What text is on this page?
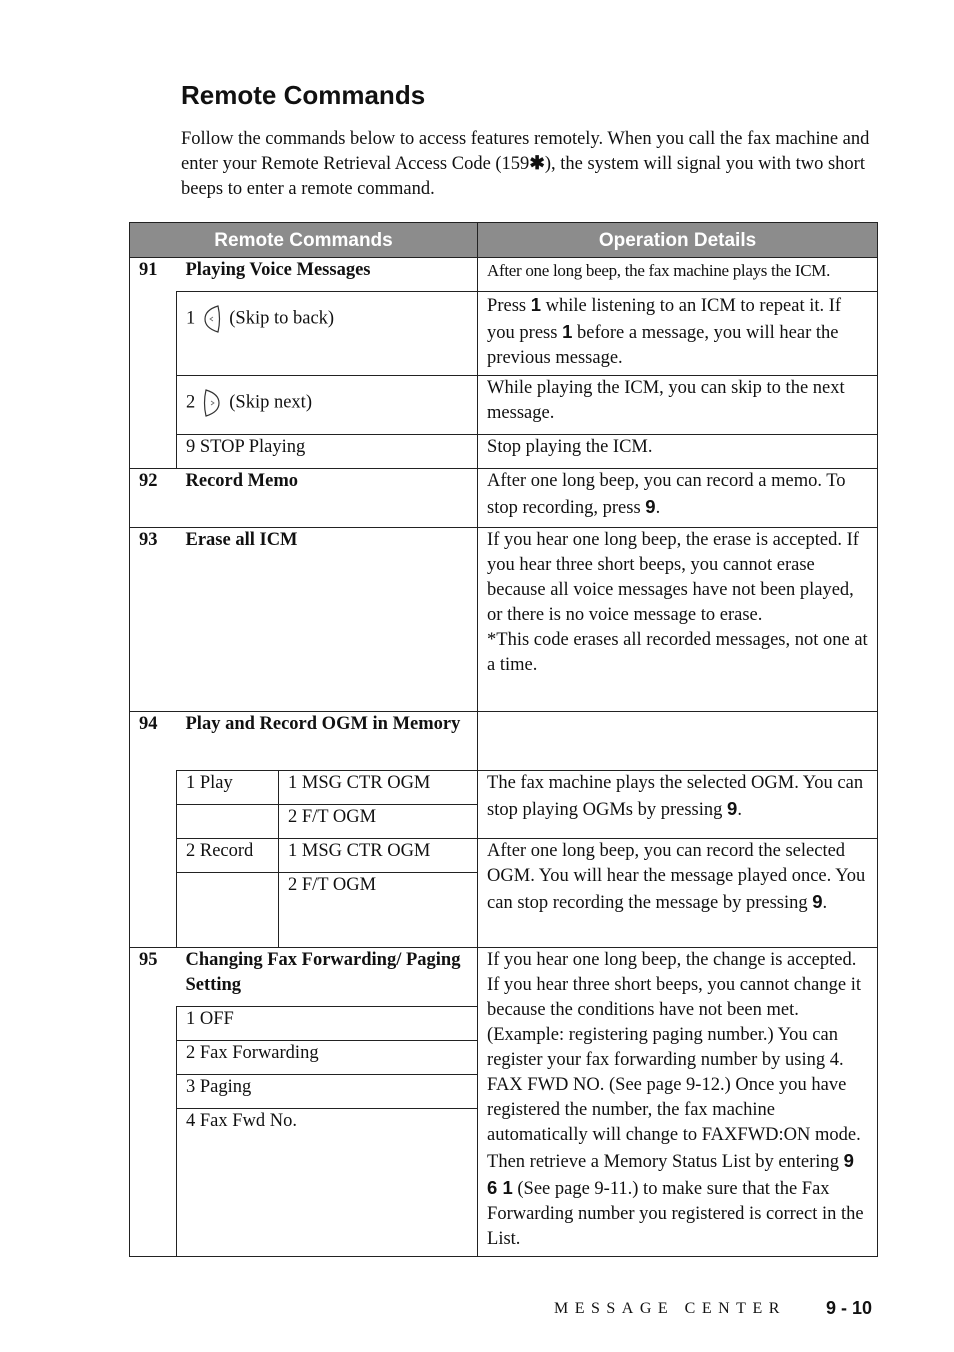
Remote Commands

Follow the commands below to access features remotely. When you call the fax machine and enter your Remote Retrieval Access Code (159✱), the system will signal you with two short beeps to enter a remote command.

Remote Commands			Operation Details
91	Playing Voice Messages		After one long beep, the fax machine plays the ICM.
	1 (Skip to back)		Press 1 while listening to an ICM to repeat it. If you press 1 before a message, you will hear the previous message.
	2 (Skip next)		While playing the ICM, you can skip to the next message.
	9 STOP Playing		Stop playing the ICM.
92	Record Memo		After one long beep, you can record a memo. To stop recording, press 9.
93	Erase all ICM		If you hear one long beep, the erase is accepted. If you hear three short beeps, you cannot erase because all voice messages have not been played, or there is no voice message to erase.
*This code erases all recorded messages, not one at a time.

94	Play and Record OGM in Memory		
	1 Play	1 MSG CTR OGM	The fax machine plays the selected OGM. You can stop playing OGMs by pressing 9.
		2 F/T OGM	
	2 Record	1 MSG CTR OGM	After one long beep, you can record the selected OGM. You will hear the message played once. You can stop recording the message by pressing 9.
		2 F/T OGM	
95	Changing Fax Forwarding/ Paging Setting		If you hear one long beep, the change is accepted. If you hear three short beeps, you cannot change it because the conditions have not been met. (Example: registering paging number.) You can register your fax forwarding number by using 4. FAX FWD NO. (See page 9-12.) Once you have registered the number, the fax machine automatically will change to FAXFWD:ON mode. Then retrieve a Memory Status List by entering 9 6 1 (See page 9-11.) to make sure that the Fax Forwarding number you registered is correct in the List.
	1 OFF		
	2 Fax Forwarding		
	3 Paging		
	4 Fax Fwd No.		
MESSAGE CENTER 9 - 10
